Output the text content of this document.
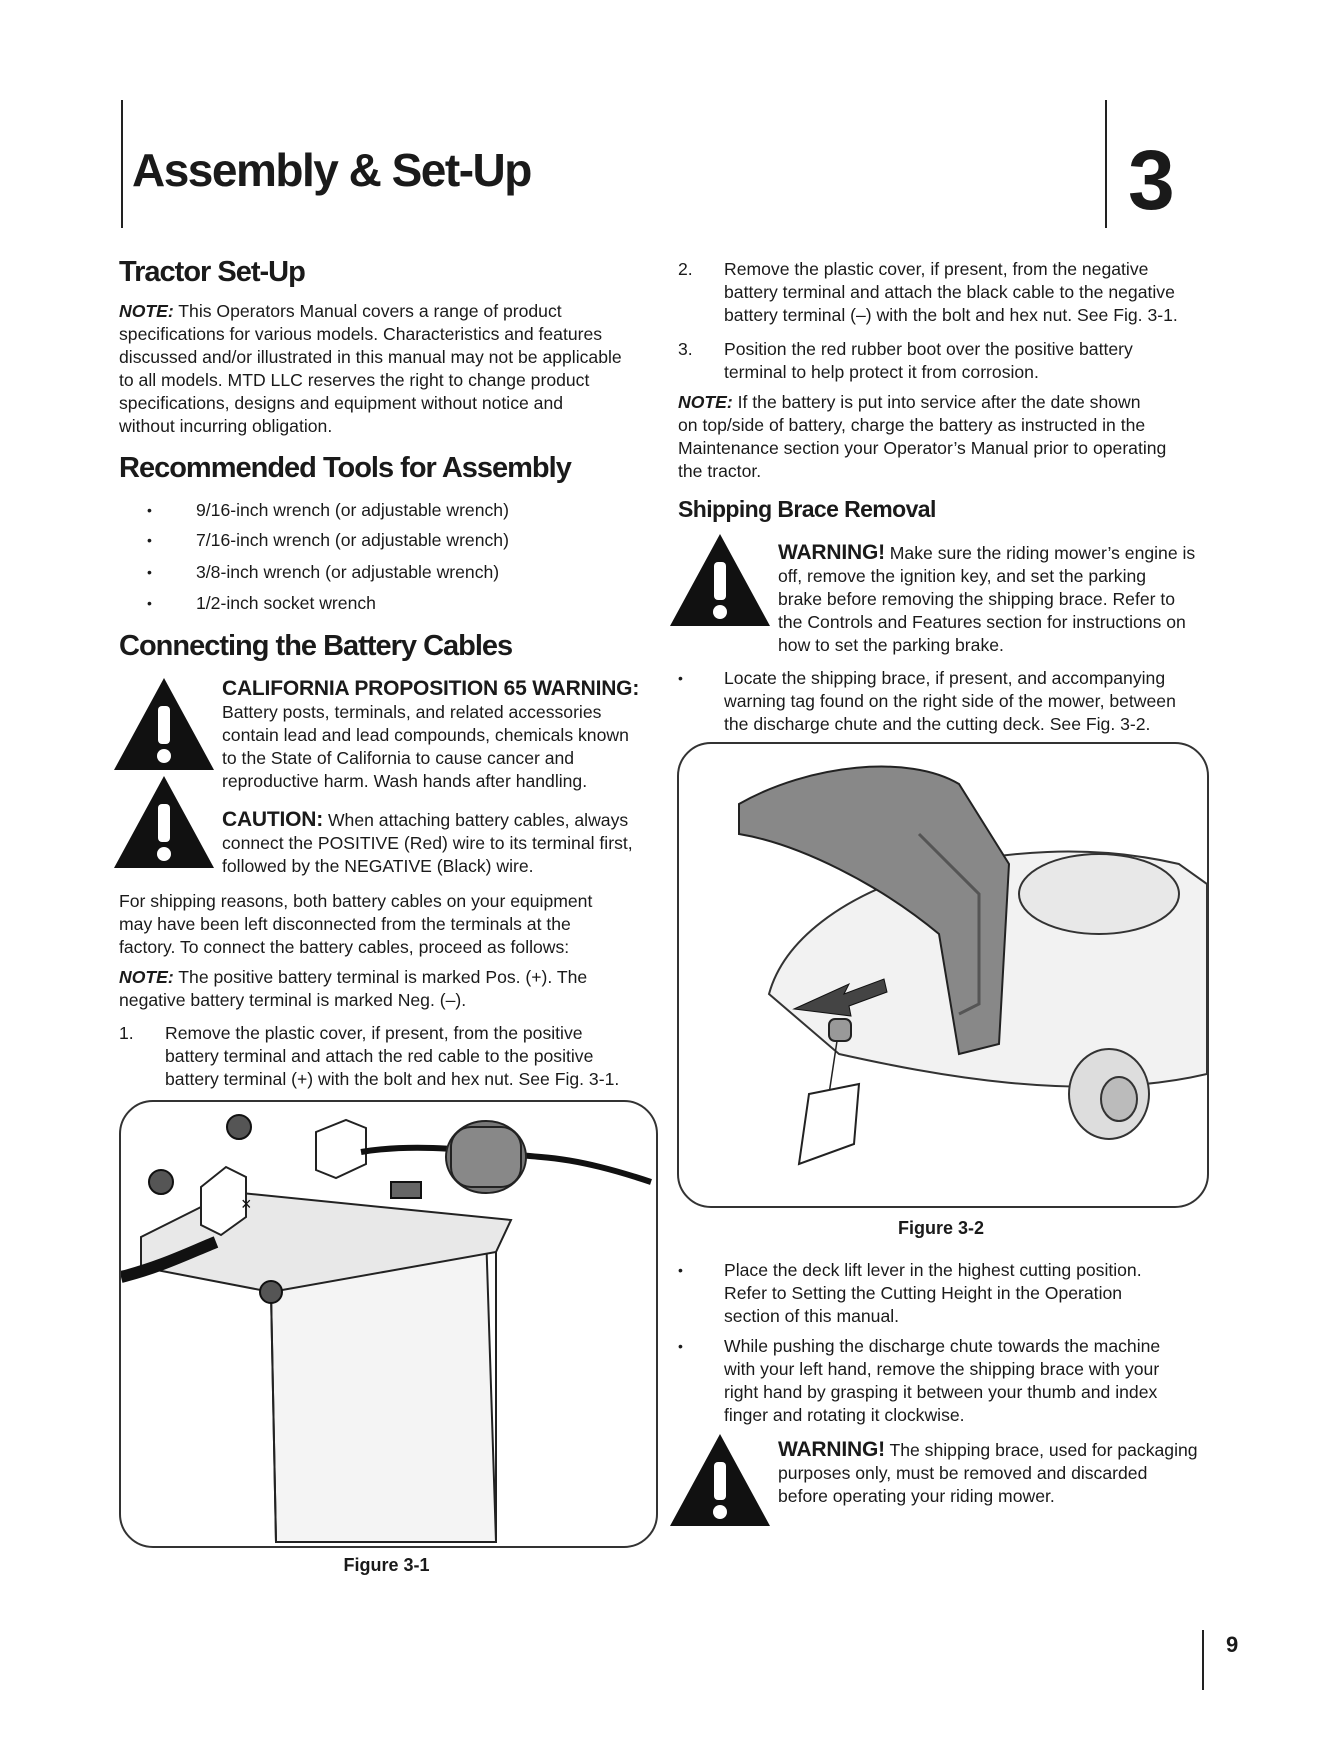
Assembly & Set-Up	3
Tractor Set-Up

NOTE: This Operators Manual covers a range of product

specifications for various models. Characteristics and features

discussed and/or illustrated in this manual may not be applicable

to all models. MTD LLC reserves the right to change product

specifications, designs and equipment without notice and

without incurring obligation.

Recommended Tools for Assembly
•	9/16-inch wrench (or adjustable wrench)
•	7/16-inch wrench (or adjustable wrench)
•	3/8-inch wrench (or adjustable wrench)
•	1/2-inch socket wrench
Connecting the Battery Cables
CALIFORNIA PROPOSITION 65 WARNING:

Battery posts, terminals, and related accessories

contain lead and lead compounds, chemicals known

to the State of California to cause cancer and

reproductive harm. Wash hands after handling.

CAUTION: When attaching battery cables, always

connect the POSITIVE (Red) wire to its terminal first,

followed by the NEGATIVE (Black) wire.

For shipping reasons, both battery cables on your equipment

may have been left disconnected from the terminals at the

factory. To connect the battery cables, proceed as follows:

NOTE: The positive battery terminal is marked Pos. (+). The

negative battery terminal is marked Neg. (–).

1. Remove the plastic cover, if present, from the positive

battery terminal and attach the red cable to the positive

battery terminal (+) with the bolt and hex nut. See Fig. 3-1.

×
Figure 3-1
2. Remove the plastic cover, if present, from the negative

battery terminal and attach the black cable to the negative

battery terminal (–) with the bolt and hex nut. See Fig. 3-1.

3. Position the red rubber boot over the positive battery

terminal to help protect it from corrosion.

NOTE: If the battery is put into service after the date shown

on top/side of battery, charge the battery as instructed in the

Maintenance section your Operator’s Manual prior to operating

the tractor.

Shipping Brace Removal

WARNING! Make sure the riding mower’s engine is

off, remove the ignition key, and set the parking

brake before removing the shipping brace. Refer to

the Controls and Features section for instructions on

how to set the parking brake.

• Locate the shipping brace, if present, and accompanying

warning tag found on the right side of the mower, between

the discharge chute and the cutting deck. See Fig. 3-2.

Figure 3-2
• Place the deck lift lever in the highest cutting position.

Refer to Setting the Cutting Height in the Operation

section of this manual.

• While pushing the discharge chute towards the machine

with your left hand, remove the shipping brace with your

right hand by grasping it between your thumb and index

finger and rotating it clockwise.

WARNING! The shipping brace, used for packaging

purposes only, must be removed and discarded

before operating your riding mower.

9
